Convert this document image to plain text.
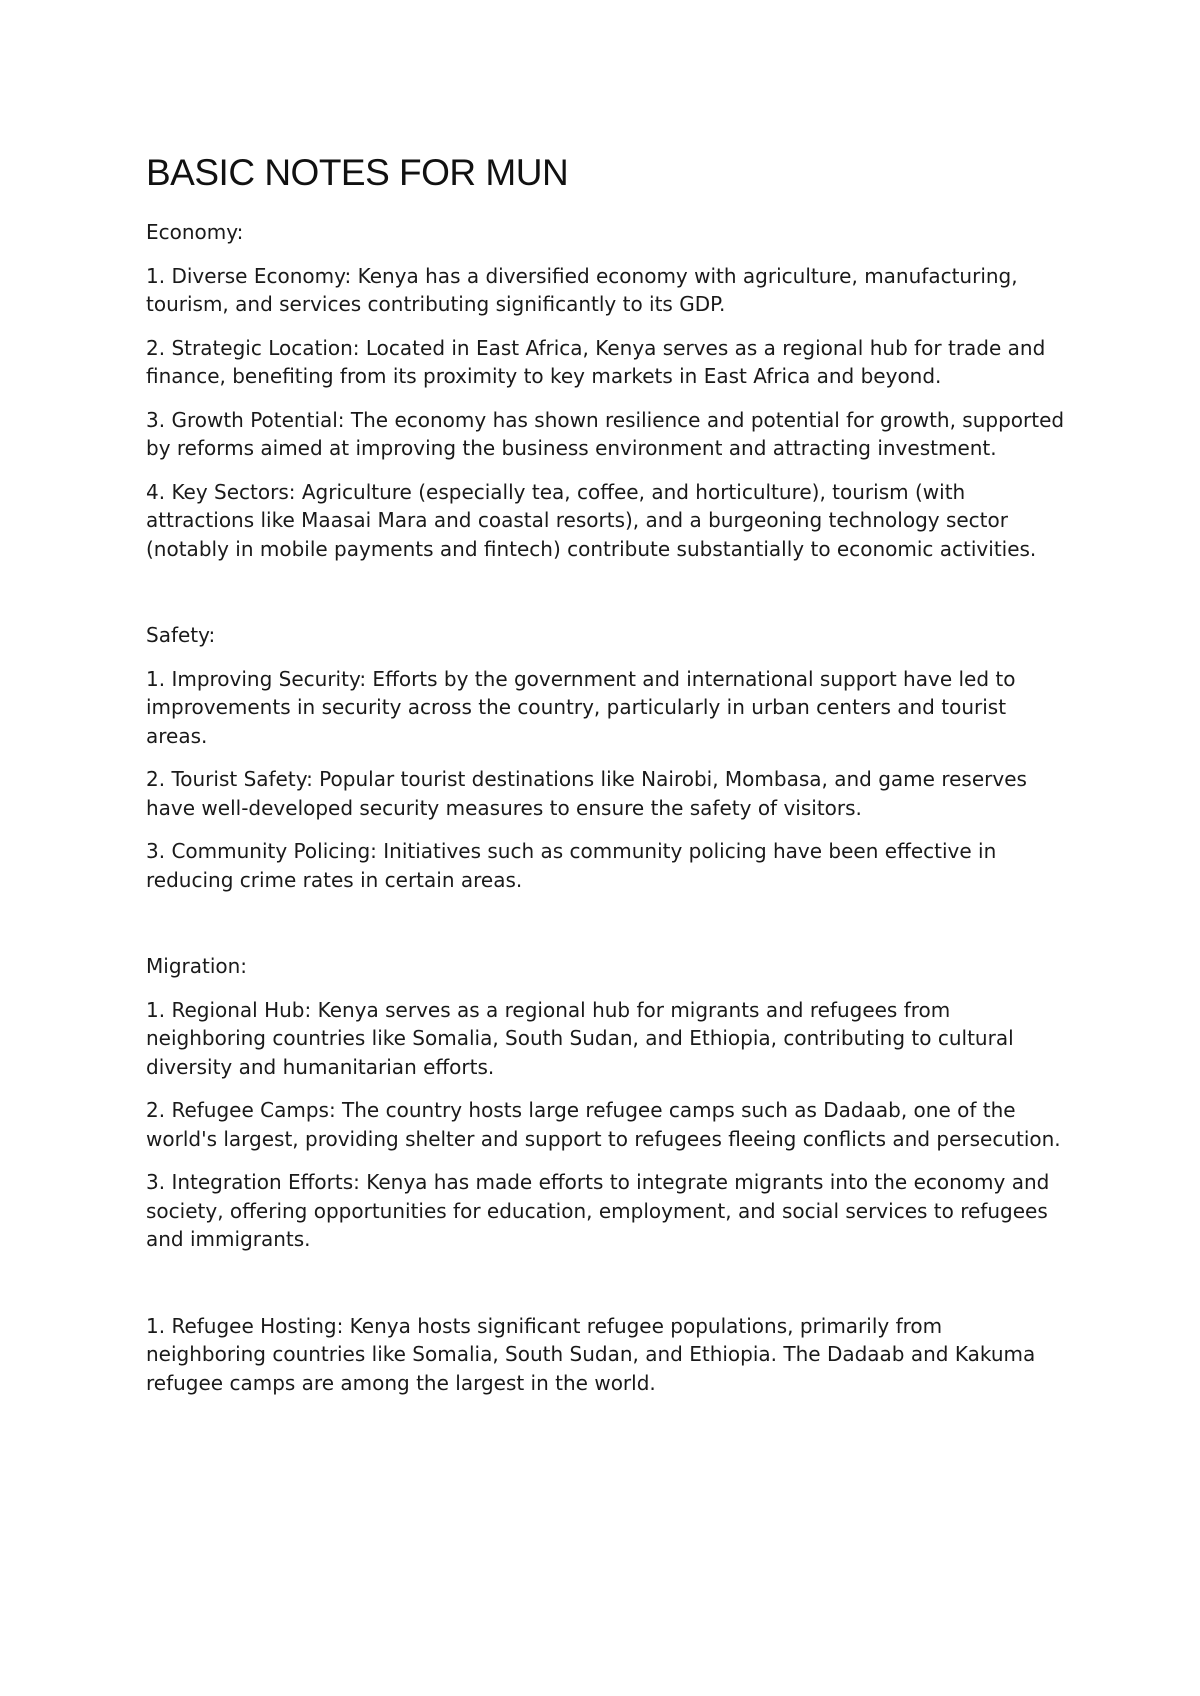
BASIC NOTES FOR MUN

Economy:

1. Diverse Economy: Kenya has a diversified economy with agriculture, manufacturing, tourism, and services contributing significantly to its GDP.

2. Strategic Location: Located in East Africa, Kenya serves as a regional hub for trade and finance, benefiting from its proximity to key markets in East Africa and beyond.

3. Growth Potential: The economy has shown resilience and potential for growth, supported by reforms aimed at improving the business environment and attracting investment.

4. Key Sectors: Agriculture (especially tea, coffee, and horticulture), tourism (with attractions like Maasai Mara and coastal resorts), and a burgeoning technology sector (notably in mobile payments and fintech) contribute substantially to economic activities.

Safety:

1. Improving Security: Efforts by the government and international support have led to improvements in security across the country, particularly in urban centers and tourist areas.

2. Tourist Safety: Popular tourist destinations like Nairobi, Mombasa, and game reserves have well-developed security measures to ensure the safety of visitors.

3. Community Policing: Initiatives such as community policing have been effective in reducing crime rates in certain areas.

Migration:

1. Regional Hub: Kenya serves as a regional hub for migrants and refugees from neighboring countries like Somalia, South Sudan, and Ethiopia, contributing to cultural diversity and humanitarian efforts.

2. Refugee Camps: The country hosts large refugee camps such as Dadaab, one of the world's largest, providing shelter and support to refugees fleeing conflicts and persecution.

3. Integration Efforts: Kenya has made efforts to integrate migrants into the economy and society, offering opportunities for education, employment, and social services to refugees and immigrants.

1. Refugee Hosting: Kenya hosts significant refugee populations, primarily from neighboring countries like Somalia, South Sudan, and Ethiopia. The Dadaab and Kakuma refugee camps are among the largest in the world.
